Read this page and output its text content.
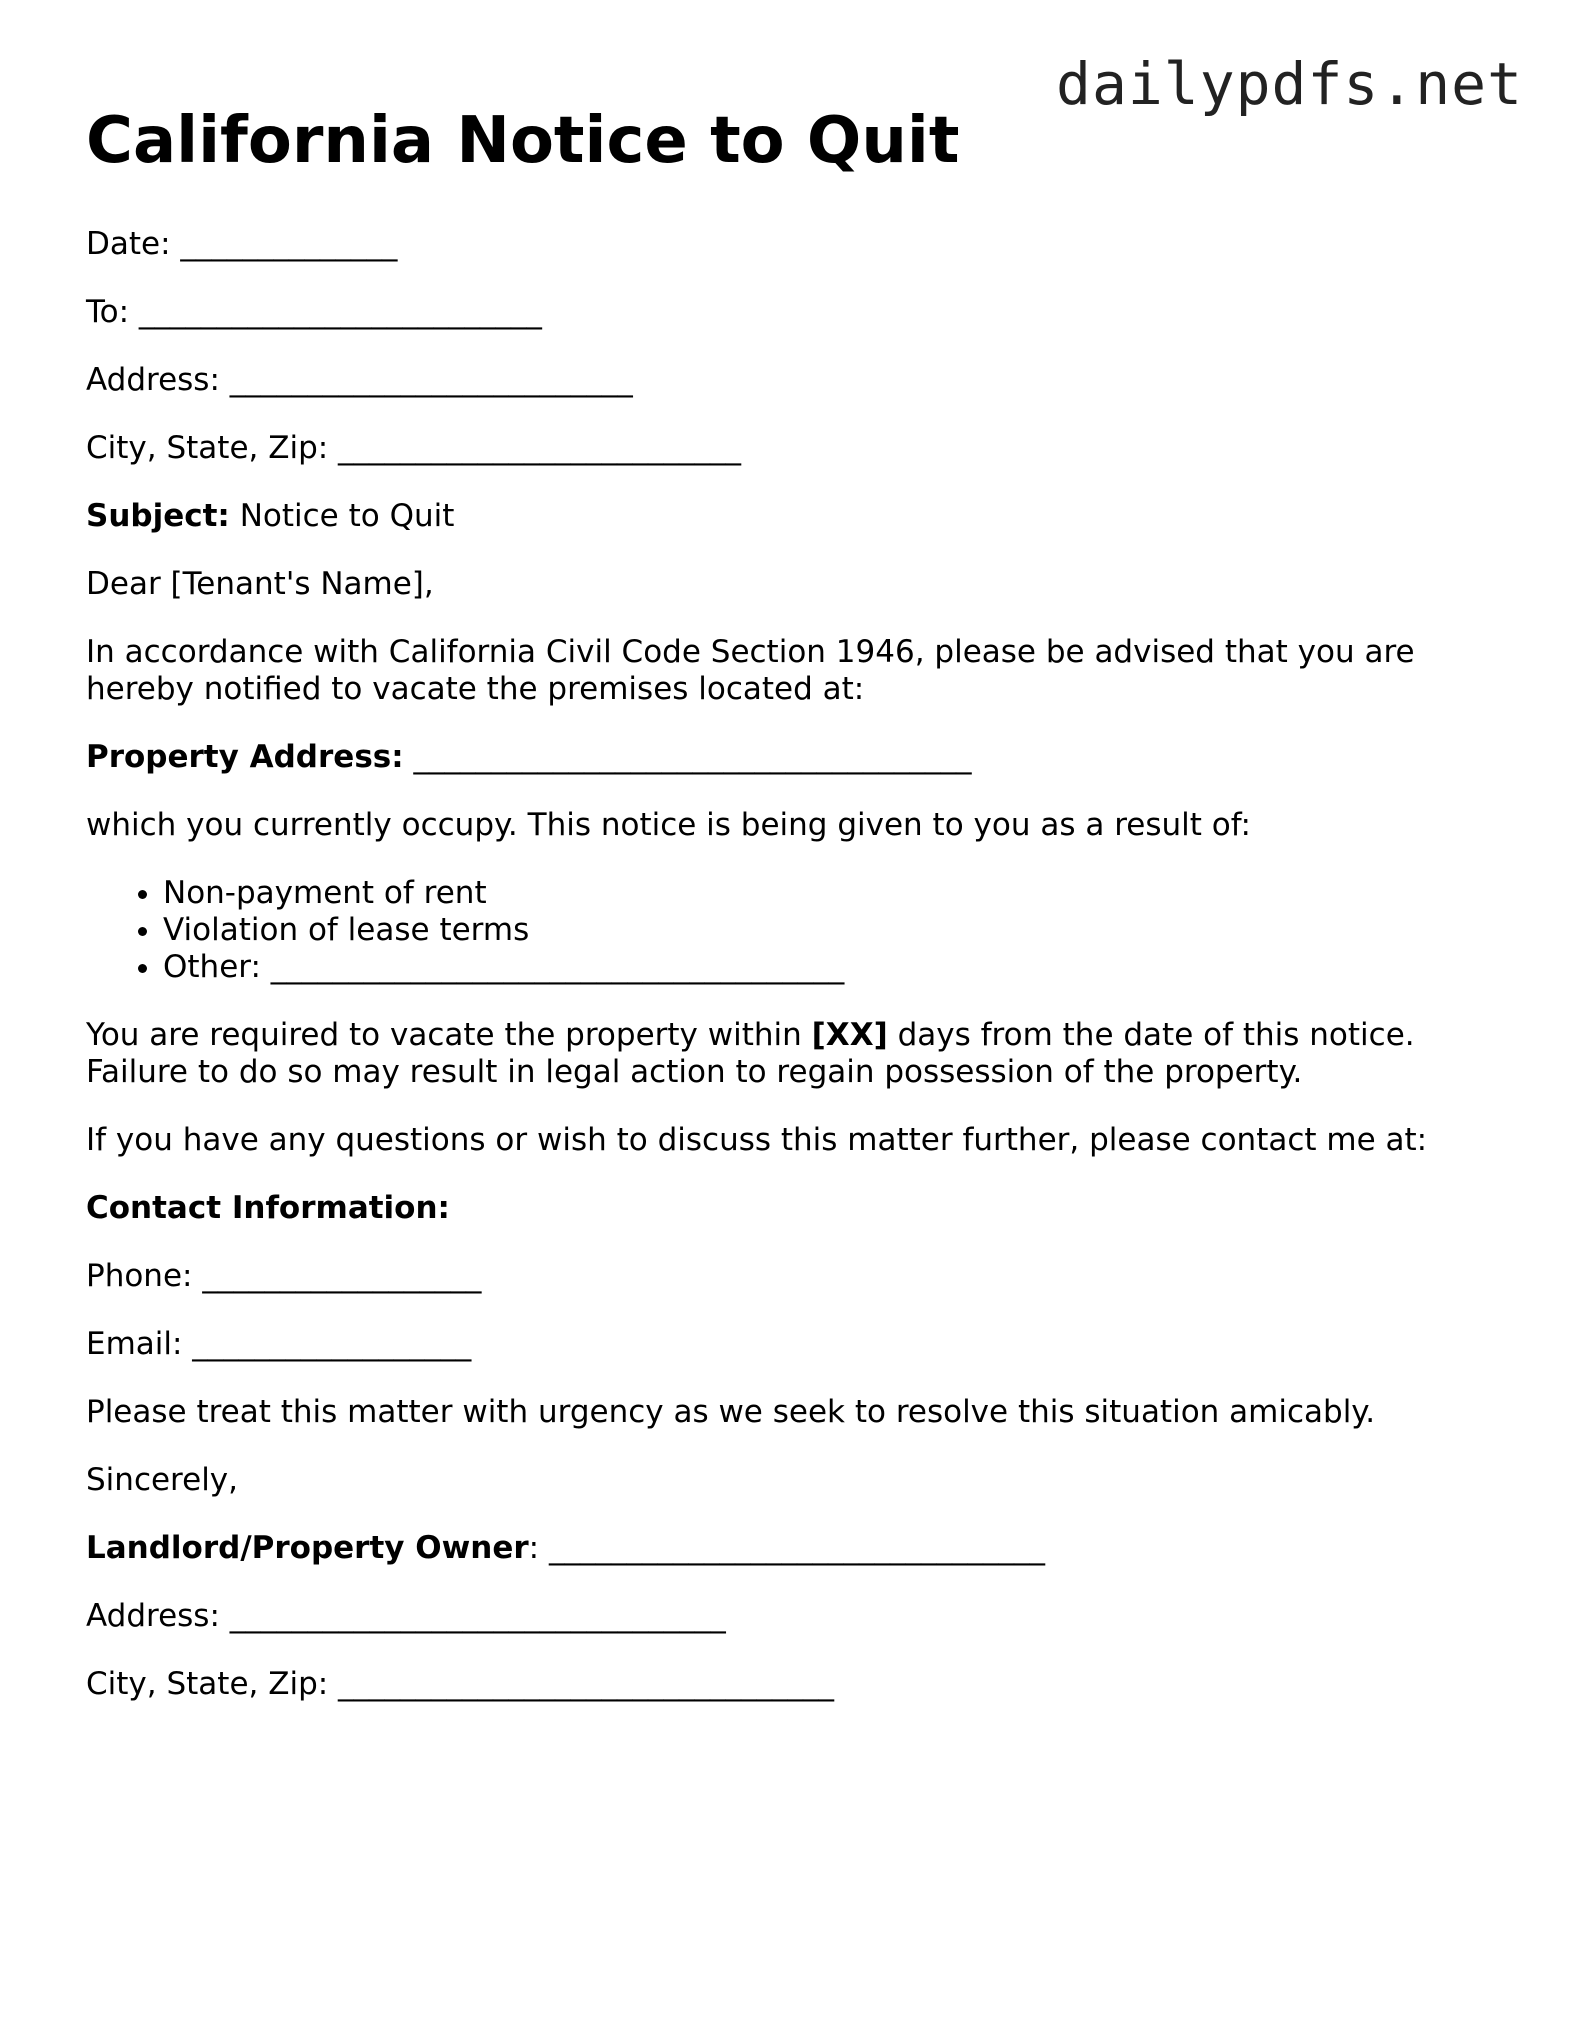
dailypdfs.net
California Notice to Quit

Date: ______________

To: __________________________

Address: __________________________

City, State, Zip: __________________________

Subject: Notice to Quit

Dear [Tenant's Name],

In accordance with California Civil Code Section 1946, please be advised that you are hereby notified to vacate the premises located at:

Property Address: ____________________________________

which you currently occupy. This notice is being given to you as a result of:

• Non-payment of rent
• Violation of lease terms
• Other: _____________________________________

You are required to vacate the property within [XX] days from the date of this notice. Failure to do so may result in legal action to regain possession of the property.

If you have any questions or wish to discuss this matter further, please contact me at:

Contact Information:

Phone: __________________

Email: __________________

Please treat this matter with urgency as we seek to resolve this situation amicably.

Sincerely,

Landlord/Property Owner: ________________________________

Address: ________________________________

City, State, Zip: ________________________________
